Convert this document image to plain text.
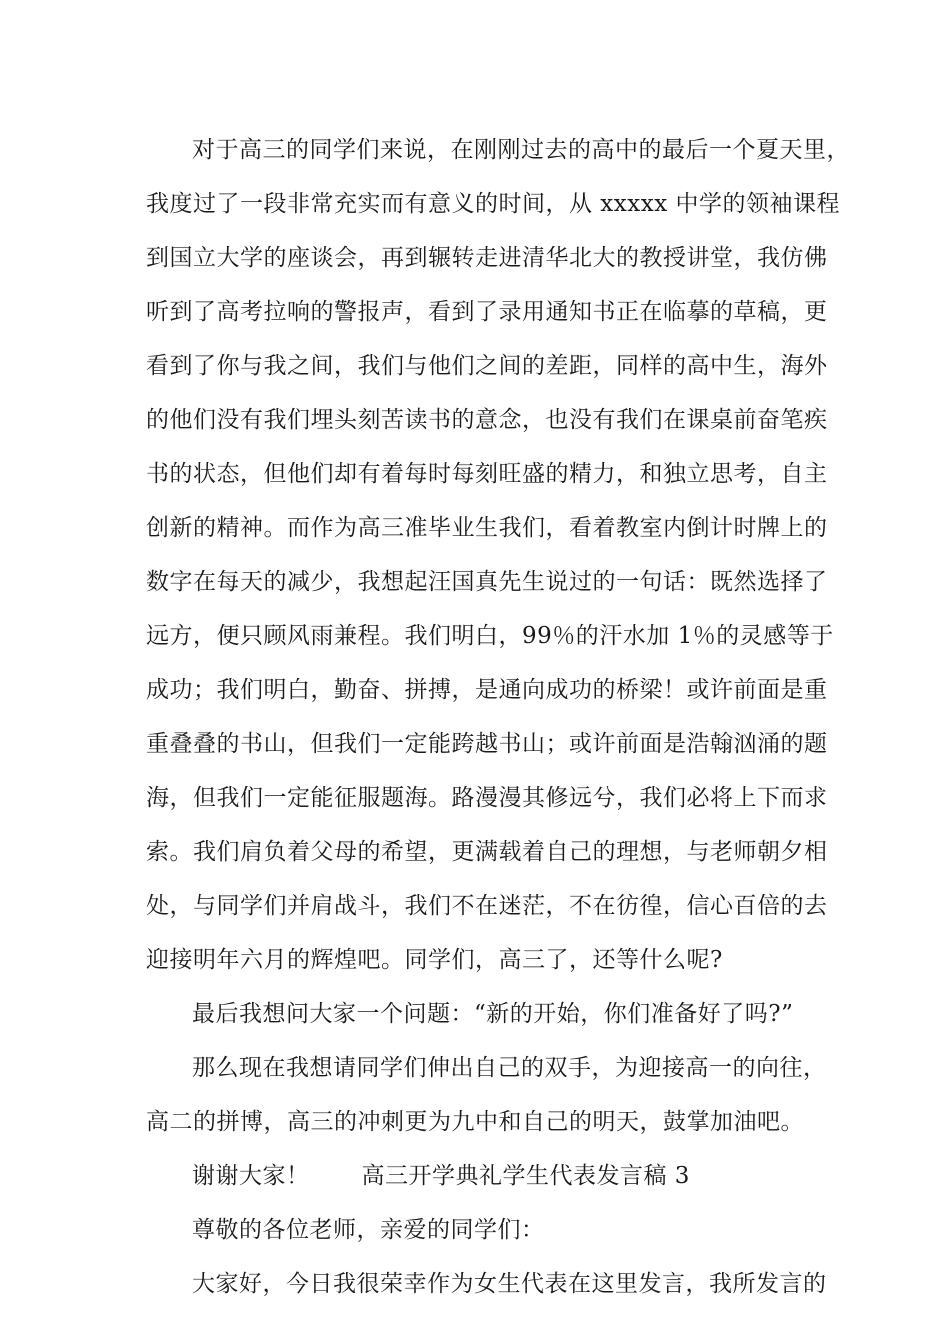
对于高三的同学们来说，在刚刚过去的高中的最后一个夏天里，
我度过了一段非常充实而有意义的时间，从 xxxxx 中学的领袖课程
到国立大学的座谈会，再到辗转走进清华北大的教授讲堂，我仿佛
听到了高考拉响的警报声，看到了录用通知书正在临摹的草稿，更
看到了你与我之间，我们与他们之间的差距，同样的高中生，海外
的他们没有我们埋头刻苦读书的意念，也没有我们在课桌前奋笔疾
书的状态，但他们却有着每时每刻旺盛的精力，和独立思考，自主
创新的精神。而作为高三准毕业生我们，看着教室内倒计时牌上的
数字在每天的减少，我想起汪国真先生说过的一句话：既然选择了
远方，便只顾风雨兼程。我们明白，99％的汗水加 1％的灵感等于
成功；我们明白，勤奋、拼搏，是通向成功的桥梁！或许前面是重
重叠叠的书山，但我们一定能跨越书山；或许前面是浩翰汹涌的题
海，但我们一定能征服题海。路漫漫其修远兮，我们必将上下而求
索。我们肩负着父母的希望，更满载着自己的理想，与老师朝夕相
处，与同学们并肩战斗，我们不在迷茫，不在彷徨，信心百倍的去
迎接明年六月的辉煌吧。同学们，高三了，还等什么呢?
最后我想问大家一个问题：“新的开始，你们准备好了吗?”
那么现在我想请同学们伸出自己的双手，为迎接高一的向往，
高二的拼博，高三的冲刺更为九中和自己的明天，鼓掌加油吧。
谢谢大家！ 高三开学典礼学生代表发言稿 3
尊敬的各位老师，亲爱的同学们：
大家好，今日我很荣幸作为女生代表在这里发言，我所发言的
